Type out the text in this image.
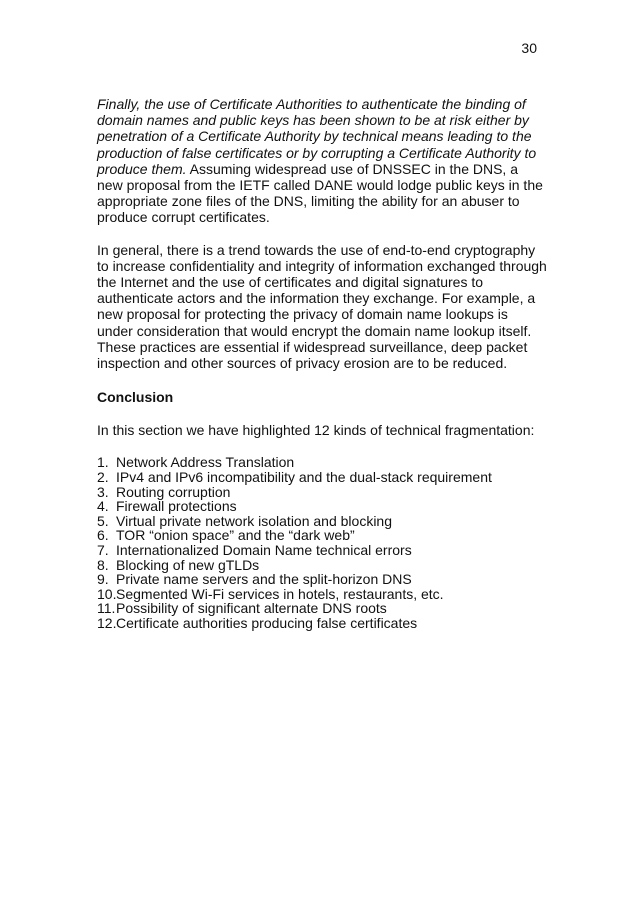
30

Finally, the use of Certificate Authorities to authenticate the binding of domain names and public keys has been shown to be at risk either by penetration of a Certificate Authority by technical means leading to the production of false certificates or by corrupting a Certificate Authority to produce them. Assuming widespread use of DNSSEC in the DNS, a new proposal from the IETF called DANE would lodge public keys in the appropriate zone files of the DNS, limiting the ability for an abuser to produce corrupt certificates.

In general, there is a trend towards the use of end-to-end cryptography to increase confidentiality and integrity of information exchanged through the Internet and the use of certificates and digital signatures to authenticate actors and the information they exchange. For example, a new proposal for protecting the privacy of domain name lookups is under consideration that would encrypt the domain name lookup itself. These practices are essential if widespread surveillance, deep packet inspection and other sources of privacy erosion are to be reduced.

Conclusion

In this section we have highlighted 12 kinds of technical fragmentation:

1. Network Address Translation
2. IPv4 and IPv6 incompatibility and the dual-stack requirement
3. Routing corruption
4. Firewall protections
5. Virtual private network isolation and blocking
6. TOR “onion space” and the “dark web”
7. Internationalized Domain Name technical errors
8. Blocking of new gTLDs
9. Private name servers and the split-horizon DNS
10. Segmented Wi-Fi services in hotels, restaurants, etc.
11. Possibility of significant alternate DNS roots
12. Certificate authorities producing false certificates
